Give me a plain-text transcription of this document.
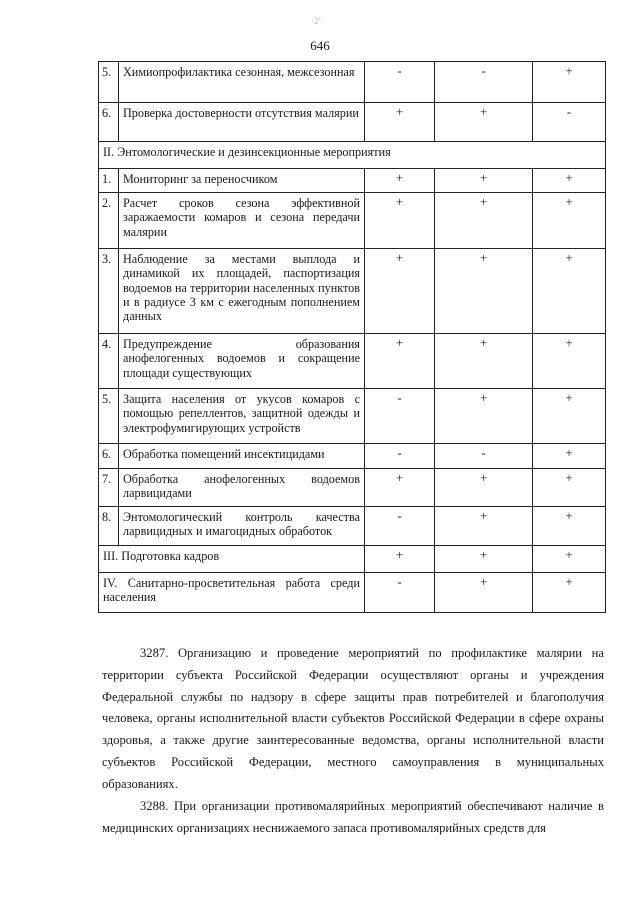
·2'·
646
5.	Химиопрофилактика сезонная, межсезонная	-	-	+
6.	Проверка достоверности отсутствия малярии	+	+	-
II. Энтомологические и дезинсекционные мероприятия				
1.	Мониторинг за переносчиком	+	+	+
2.	Расчет сроков сезона эффективной заражаемости комаров и сезона передачи малярии	+	+	+
3.	Наблюдение за местами выплода и динамикой их площадей, паспортизация водоемов на территории населенных пунктов и в радиусе 3 км с ежегодным пополнением данных	+	+	+
4.	Предупреждение образования анофелогенных водоемов и сокращение площади существующих	+	+	+
5.	Защита населения от укусов комаров с помощью репеллентов, защитной одежды и электрофумигирующих устройств	-	+	+
6.	Обработка помещений инсектицидами	-	-	+
7.	Обработка анофелогенных водоемов ларвицидами	+	+	+
8.	Энтомологический контроль качества ларвицидных и имагоцидных обработок	-	+	+
III. Подготовка кадров		+	+	+
IV. Санитарно-просветительная работа среди населения		-	+	+

3287. Организацию и проведение мероприятий по профилактике малярии на территории субъекта Российской Федерации осуществляют органы и учреждения Федеральной службы по надзору в сфере защиты прав потребителей и благополучия человека, органы исполнительной власти субъектов Российской Федерации в сфере охраны здоровья, а также другие заинтересованные ведомства, органы исполнительной власти субъектов Российской Федерации, местного самоуправления в муниципальных образованиях.

3288. При организации противомалярийных мероприятий обеспечивают наличие в медицинских организациях неснижаемого запаса противомалярийных средств для
